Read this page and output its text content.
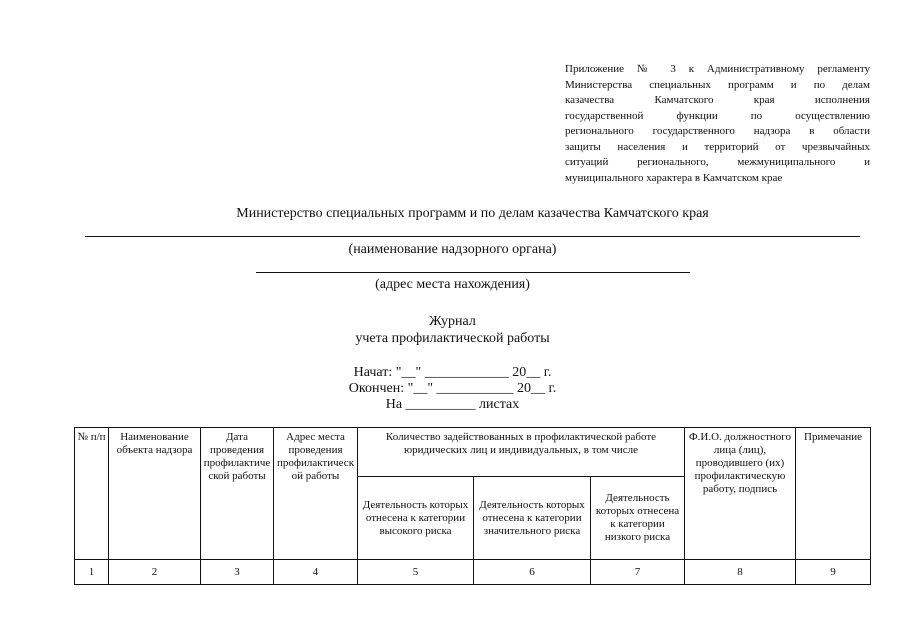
Приложение № 3 к Административному регламенту
Министерства специальных программ и по делам
казачества Камчатского края исполнения
государственной функции по осуществлению
регионального государственного надзора в области
защиты населения и территорий от чрезвычайных
ситуаций регионального, межмуниципального и
муниципального характера в Камчатском крае
Министерство специальных программ и по делам казачества Камчатского края
(наименование надзорного органа)
(адрес места нахождения)
Журнал
учета профилактической работы
Начат: "__" ____________ 20__ г.
Окончен: "__" ___________ 20__ г.
На __________ листах
№ п/п	Наименование объекта надзора	Дата проведения профилактической работы	Адрес места проведения профилактической работы	Количество задействованных в профилактической работе юридических лиц и индивидуальных, в том числе			Ф.И.О. должностного лица (лиц), проводившего (их) профилактическую работу, подпись	Примечание
				Деятельность которых отнесена к категории высокого риска	Деятельность которых отнесена к категории значительного риска	Деятельность которых отнесена к категории низкого риска		
1	2	3	4	5	6	7	8	9
